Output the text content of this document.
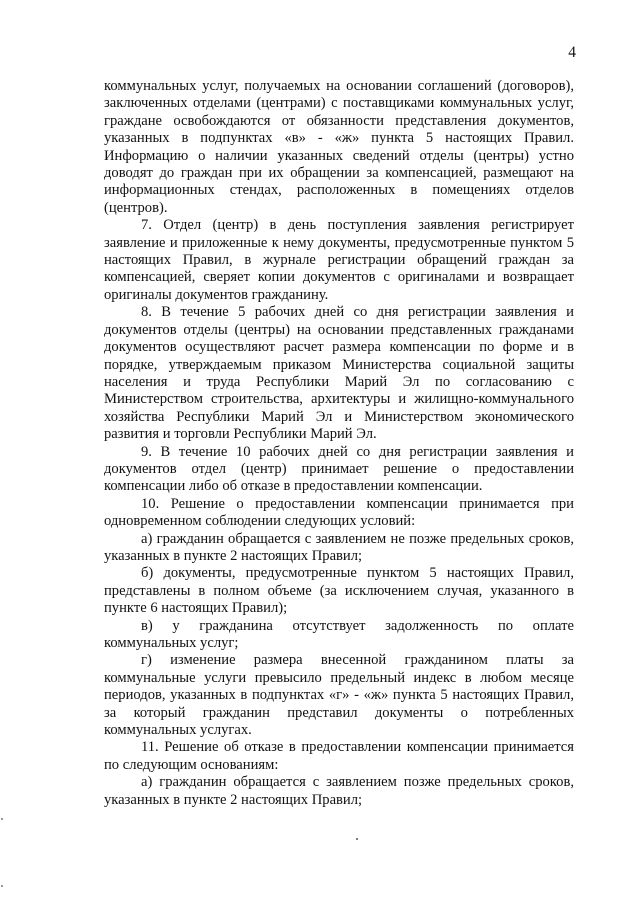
4

коммунальных услуг, получаемых на основании соглашений (договоров), заключенных отделами (центрами) с поставщиками коммунальных услуг, граждане освобождаются от обязанности представления документов, указанных в подпунктах «в» - «ж» пункта 5 настоящих Правил. Информацию о наличии указанных сведений отделы (центры) устно доводят до граждан при их обращении за компенсацией, размещают на информационных стендах, расположенных в помещениях отделов (центров).

7. Отдел (центр) в день поступления заявления регистрирует заявление и приложенные к нему документы, предусмотренные пунктом 5 настоящих Правил, в журнале регистрации обращений граждан за компенсацией, сверяет копии документов с оригиналами и возвращает оригиналы документов гражданину.

8. В течение 5 рабочих дней со дня регистрации заявления и документов отделы (центры) на основании представленных гражданами документов осуществляют расчет размера компенсации по форме и в порядке, утверждаемым приказом Министерства социальной защиты населения и труда Республики Марий Эл по согласованию с Министерством строительства, архитектуры и жилищно-коммунального хозяйства Республики Марий Эл и Министерством экономического развития и торговли Республики Марий Эл.

9. В течение 10 рабочих дней со дня регистрации заявления и документов отдел (центр) принимает решение о предоставлении компенсации либо об отказе в предоставлении компенсации.

10. Решение о предоставлении компенсации принимается при одновременном соблюдении следующих условий:

а) гражданин обращается с заявлением не позже предельных сроков, указанных в пункте 2 настоящих Правил;

б) документы, предусмотренные пунктом 5 настоящих Правил, представлены в полном объеме (за исключением случая, указанного в пункте 6 настоящих Правил);

в) у гражданина отсутствует задолженность по оплате коммунальных услуг;

г) изменение размера внесенной гражданином платы за коммунальные услуги превысило предельный индекс в любом месяце периодов, указанных в подпунктах «г» - «ж» пункта 5 настоящих Правил, за который гражданин представил документы о потребленных коммунальных услугах.

11. Решение об отказе в предоставлении компенсации принимается по следующим основаниям:

а) гражданин обращается с заявлением позже предельных сроков, указанных в пункте 2 настоящих Правил;
